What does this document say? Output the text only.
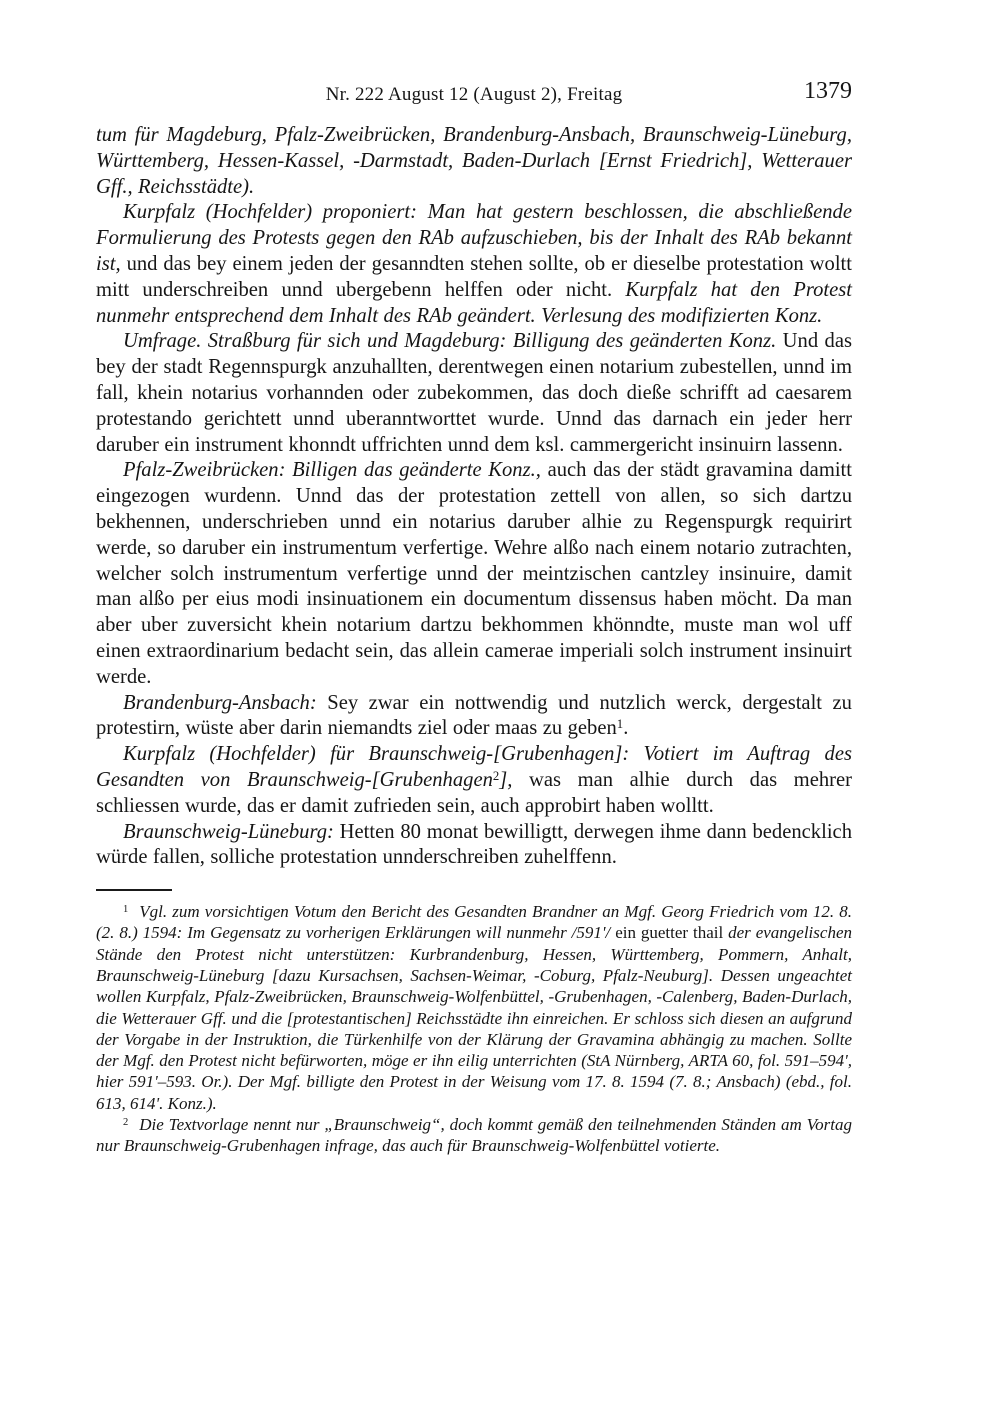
Nr. 222 August 12 (August 2), Freitag	1379

tum für Magdeburg, Pfalz-Zweibrücken, Brandenburg-Ansbach, Braunschweig-Lüneburg, Württemberg, Hessen-Kassel, -Darmstadt, Baden-Durlach [Ernst Friedrich], Wetterauer Gff., Reichsstädte).

Kurpfalz (Hochfelder) proponiert: Man hat gestern beschlossen, die abschließende Formulierung des Protests gegen den RAb aufzuschieben, bis der Inhalt des RAb bekannt ist, und das bey einem jeden der gesanndten stehen sollte, ob er dieselbe protestation woltt mitt underschreiben unnd ubergebenn helffen oder nicht. Kurpfalz hat den Protest nunmehr entsprechend dem Inhalt des RAb geändert. Verlesung des modifizierten Konz.

Umfrage. Straßburg für sich und Magdeburg: Billigung des geänderten Konz. Und das bey der stadt Regennspurgk anzuhallten, derentwegen einen notarium zubestellen, unnd im fall, khein notarius vorhannden oder zubekommen, das doch dieße schrifft ad caesarem protestando gerichtett unnd uberanntworttet wurde. Unnd das darnach ein jeder herr daruber ein instrument khonndt uffrichten unnd dem ksl. cammergericht insinuirn lassenn.

Pfalz-Zweibrücken: Billigen das geänderte Konz., auch das der städt gravamina damitt eingezogen wurdenn. Unnd das der protestation zettell von allen, so sich dartzu bekhennen, underschrieben unnd ein notarius daruber alhie zu Regenspurgk requirirt werde, so daruber ein instrumentum verfertige. Wehre alßo nach einem notario zutrachten, welcher solch instrumentum verfertige unnd der meintzischen cantzley insinuire, damit man alßo per eius modi insinuationem ein documentum dissensus haben möcht. Da man aber uber zuversicht khein notarium dartzu bekhommen khönndte, muste man wol uff einen extraordinarium bedacht sein, das allein camerae imperiali solch instrument insinuirt werde.

Brandenburg-Ansbach: Sey zwar ein nottwendig und nutzlich werck, dergestalt zu protestirn, wüste aber darin niemandts ziel oder maas zu geben$^1$.

Kurpfalz (Hochfelder) für Braunschweig-[Grubenhagen]: Votiert im Auftrag des Gesandten von Braunschweig-[Grubenhagen$^2$], was man alhie durch das mehrer schliessen wurde, das er damit zufrieden sein, auch approbirt haben wolltt.

Braunschweig-Lüneburg: Hetten 80 monat bewilligtt, derwegen ihme dann bedencklich würde fallen, solliche protestation unnderschreiben zuhelffenn.

$^1$ Vgl. zum vorsichtigen Votum den Bericht des Gesandten Brandner an Mgf. Georg Friedrich vom 12. 8. (2. 8.) 1594: Im Gegensatz zu vorherigen Erklärungen will nunmehr /591'/ ein guetter thail der evangelischen Stände den Protest nicht unterstützen: Kurbrandenburg, Hessen, Württemberg, Pommern, Anhalt, Braunschweig-Lüneburg [dazu Kursachsen, Sachsen-Weimar, -Coburg, Pfalz-Neuburg]. Dessen ungeachtet wollen Kurpfalz, Pfalz-Zweibrücken, Braunschweig-Wolfenbüttel, -Grubenhagen, -Calenberg, Baden-Durlach, die Wetterauer Gff. und die [protestantischen] Reichsstädte ihn einreichen. Er schloss sich diesen an aufgrund der Vorgabe in der Instruktion, die Türkenhilfe von der Klärung der Gravamina abhängig zu machen. Sollte der Mgf. den Protest nicht befürworten, möge er ihn eilig unterrichten (StA Nürnberg, ARTA 60, fol. 591–594', hier 591'–593. Or.). Der Mgf. billigte den Protest in der Weisung vom 17. 8. 1594 (7. 8.; Ansbach) (ebd., fol. 613, 614'. Konz.).

$^2$ Die Textvorlage nennt nur „Braunschweig“, doch kommt gemäß den teilnehmenden Ständen am Vortag nur Braunschweig-Grubenhagen infrage, das auch für Braunschweig-Wolfenbüttel votierte.
